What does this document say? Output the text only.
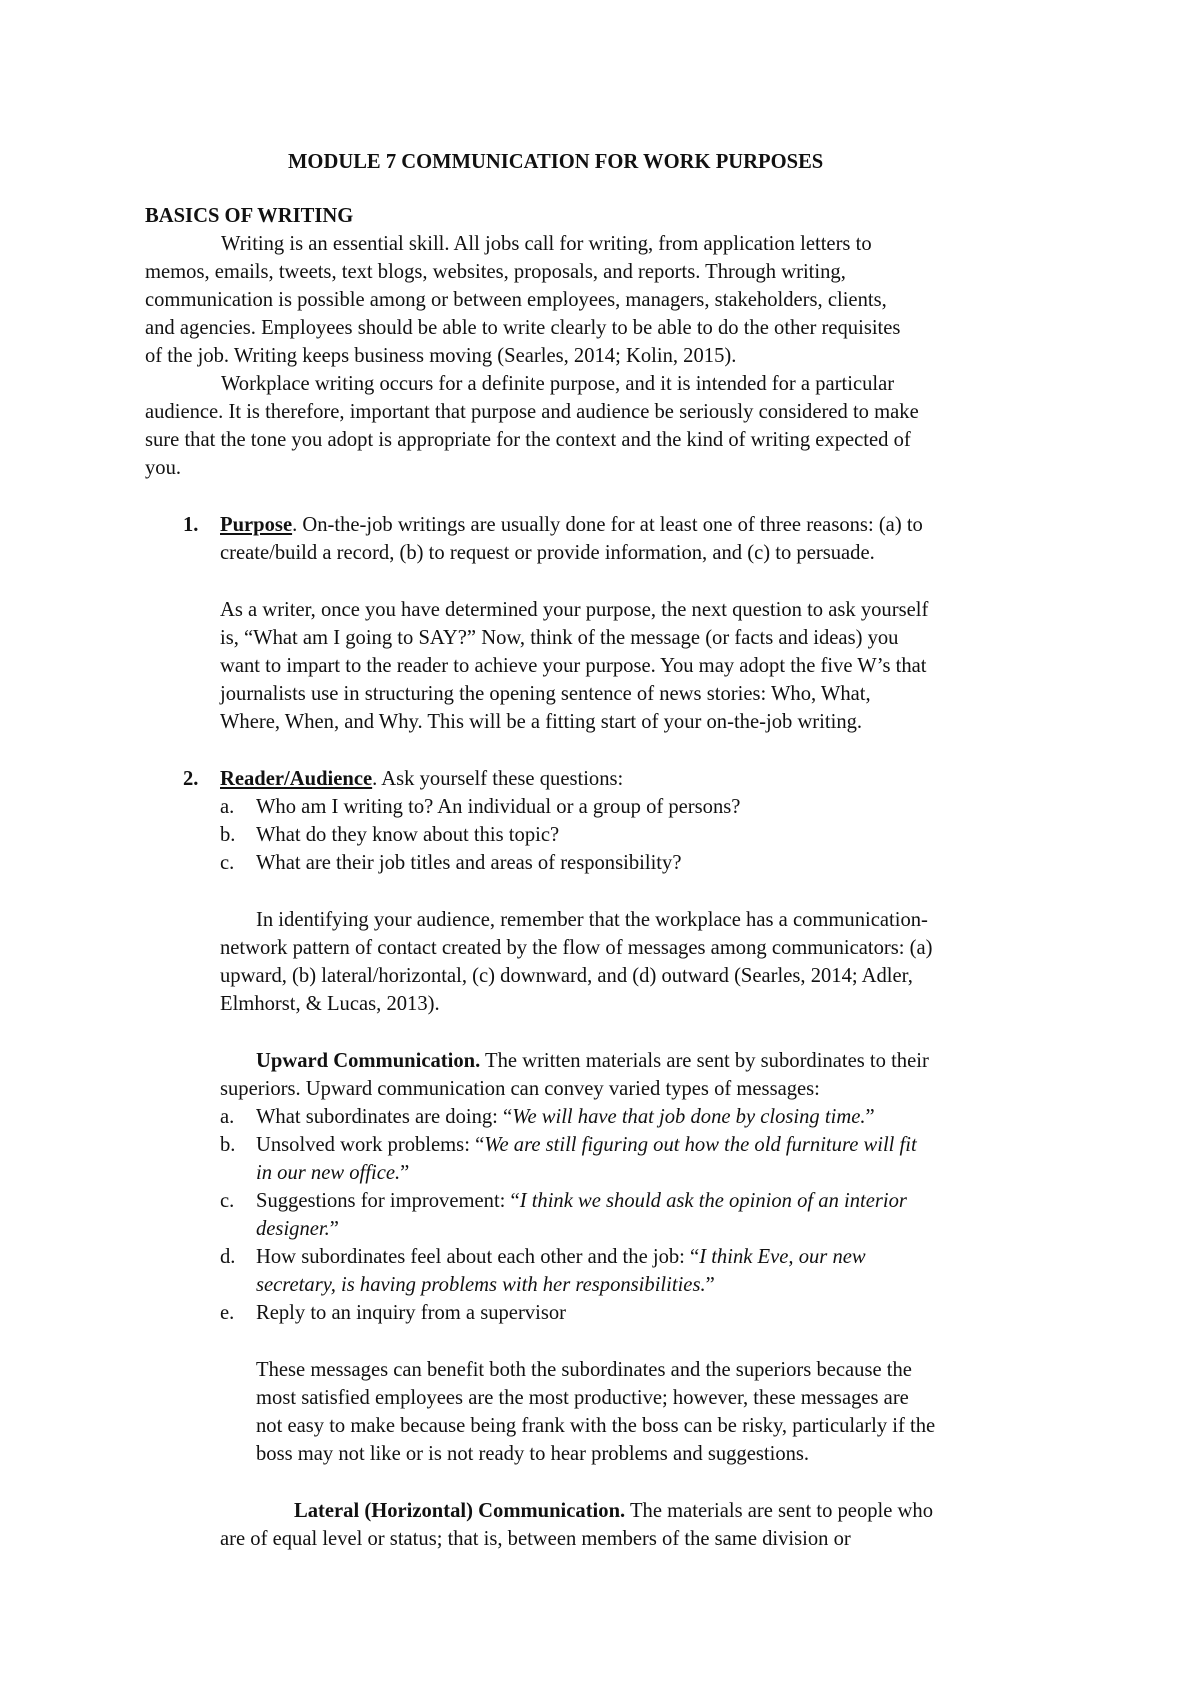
MODULE 7 COMMUNICATION FOR WORK PURPOSES
BASICS OF WRITING
Writing is an essential skill. All jobs call for writing, from application letters to
memos, emails, tweets, text blogs, websites, proposals, and reports. Through writing,
communication is possible among or between employees, managers, stakeholders, clients,
and agencies. Employees should be able to write clearly to be able to do the other requisites
of the job. Writing keeps business moving (Searles, 2014; Kolin, 2015).
Workplace writing occurs for a definite purpose, and it is intended for a particular
audience. It is therefore, important that purpose and audience be seriously considered to make
sure that the tone you adopt is appropriate for the context and the kind of writing expected of
you.
1. Purpose. On-the-job writings are usually done for at least one of three reasons: (a) to
create/build a record, (b) to request or provide information, and (c) to persuade.
As a writer, once you have determined your purpose, the next question to ask yourself
is, “What am I going to SAY?” Now, think of the message (or facts and ideas) you
want to impart to the reader to achieve your purpose. You may adopt the five W’s that
journalists use in structuring the opening sentence of news stories: Who, What,
Where, When, and Why. This will be a fitting start of your on-the-job writing.
2. Reader/Audience. Ask yourself these questions:
a. Who am I writing to? An individual or a group of persons?
b. What do they know about this topic?
c. What are their job titles and areas of responsibility?
In identifying your audience, remember that the workplace has a communication-
network pattern of contact created by the flow of messages among communicators: (a)
upward, (b) lateral/horizontal, (c) downward, and (d) outward (Searles, 2014; Adler,
Elmhorst, & Lucas, 2013).
Upward Communication. The written materials are sent by subordinates to their
superiors. Upward communication can convey varied types of messages:
a. What subordinates are doing: “We will have that job done by closing time.”
b. Unsolved work problems: “We are still figuring out how the old furniture will fit
in our new office.”
c. Suggestions for improvement: “I think we should ask the opinion of an interior
designer.”
d. How subordinates feel about each other and the job: “I think Eve, our new
secretary, is having problems with her responsibilities.”
e. Reply to an inquiry from a supervisor
These messages can benefit both the subordinates and the superiors because the
most satisfied employees are the most productive; however, these messages are
not easy to make because being frank with the boss can be risky, particularly if the
boss may not like or is not ready to hear problems and suggestions.
Lateral (Horizontal) Communication. The materials are sent to people who
are of equal level or status; that is, between members of the same division or
